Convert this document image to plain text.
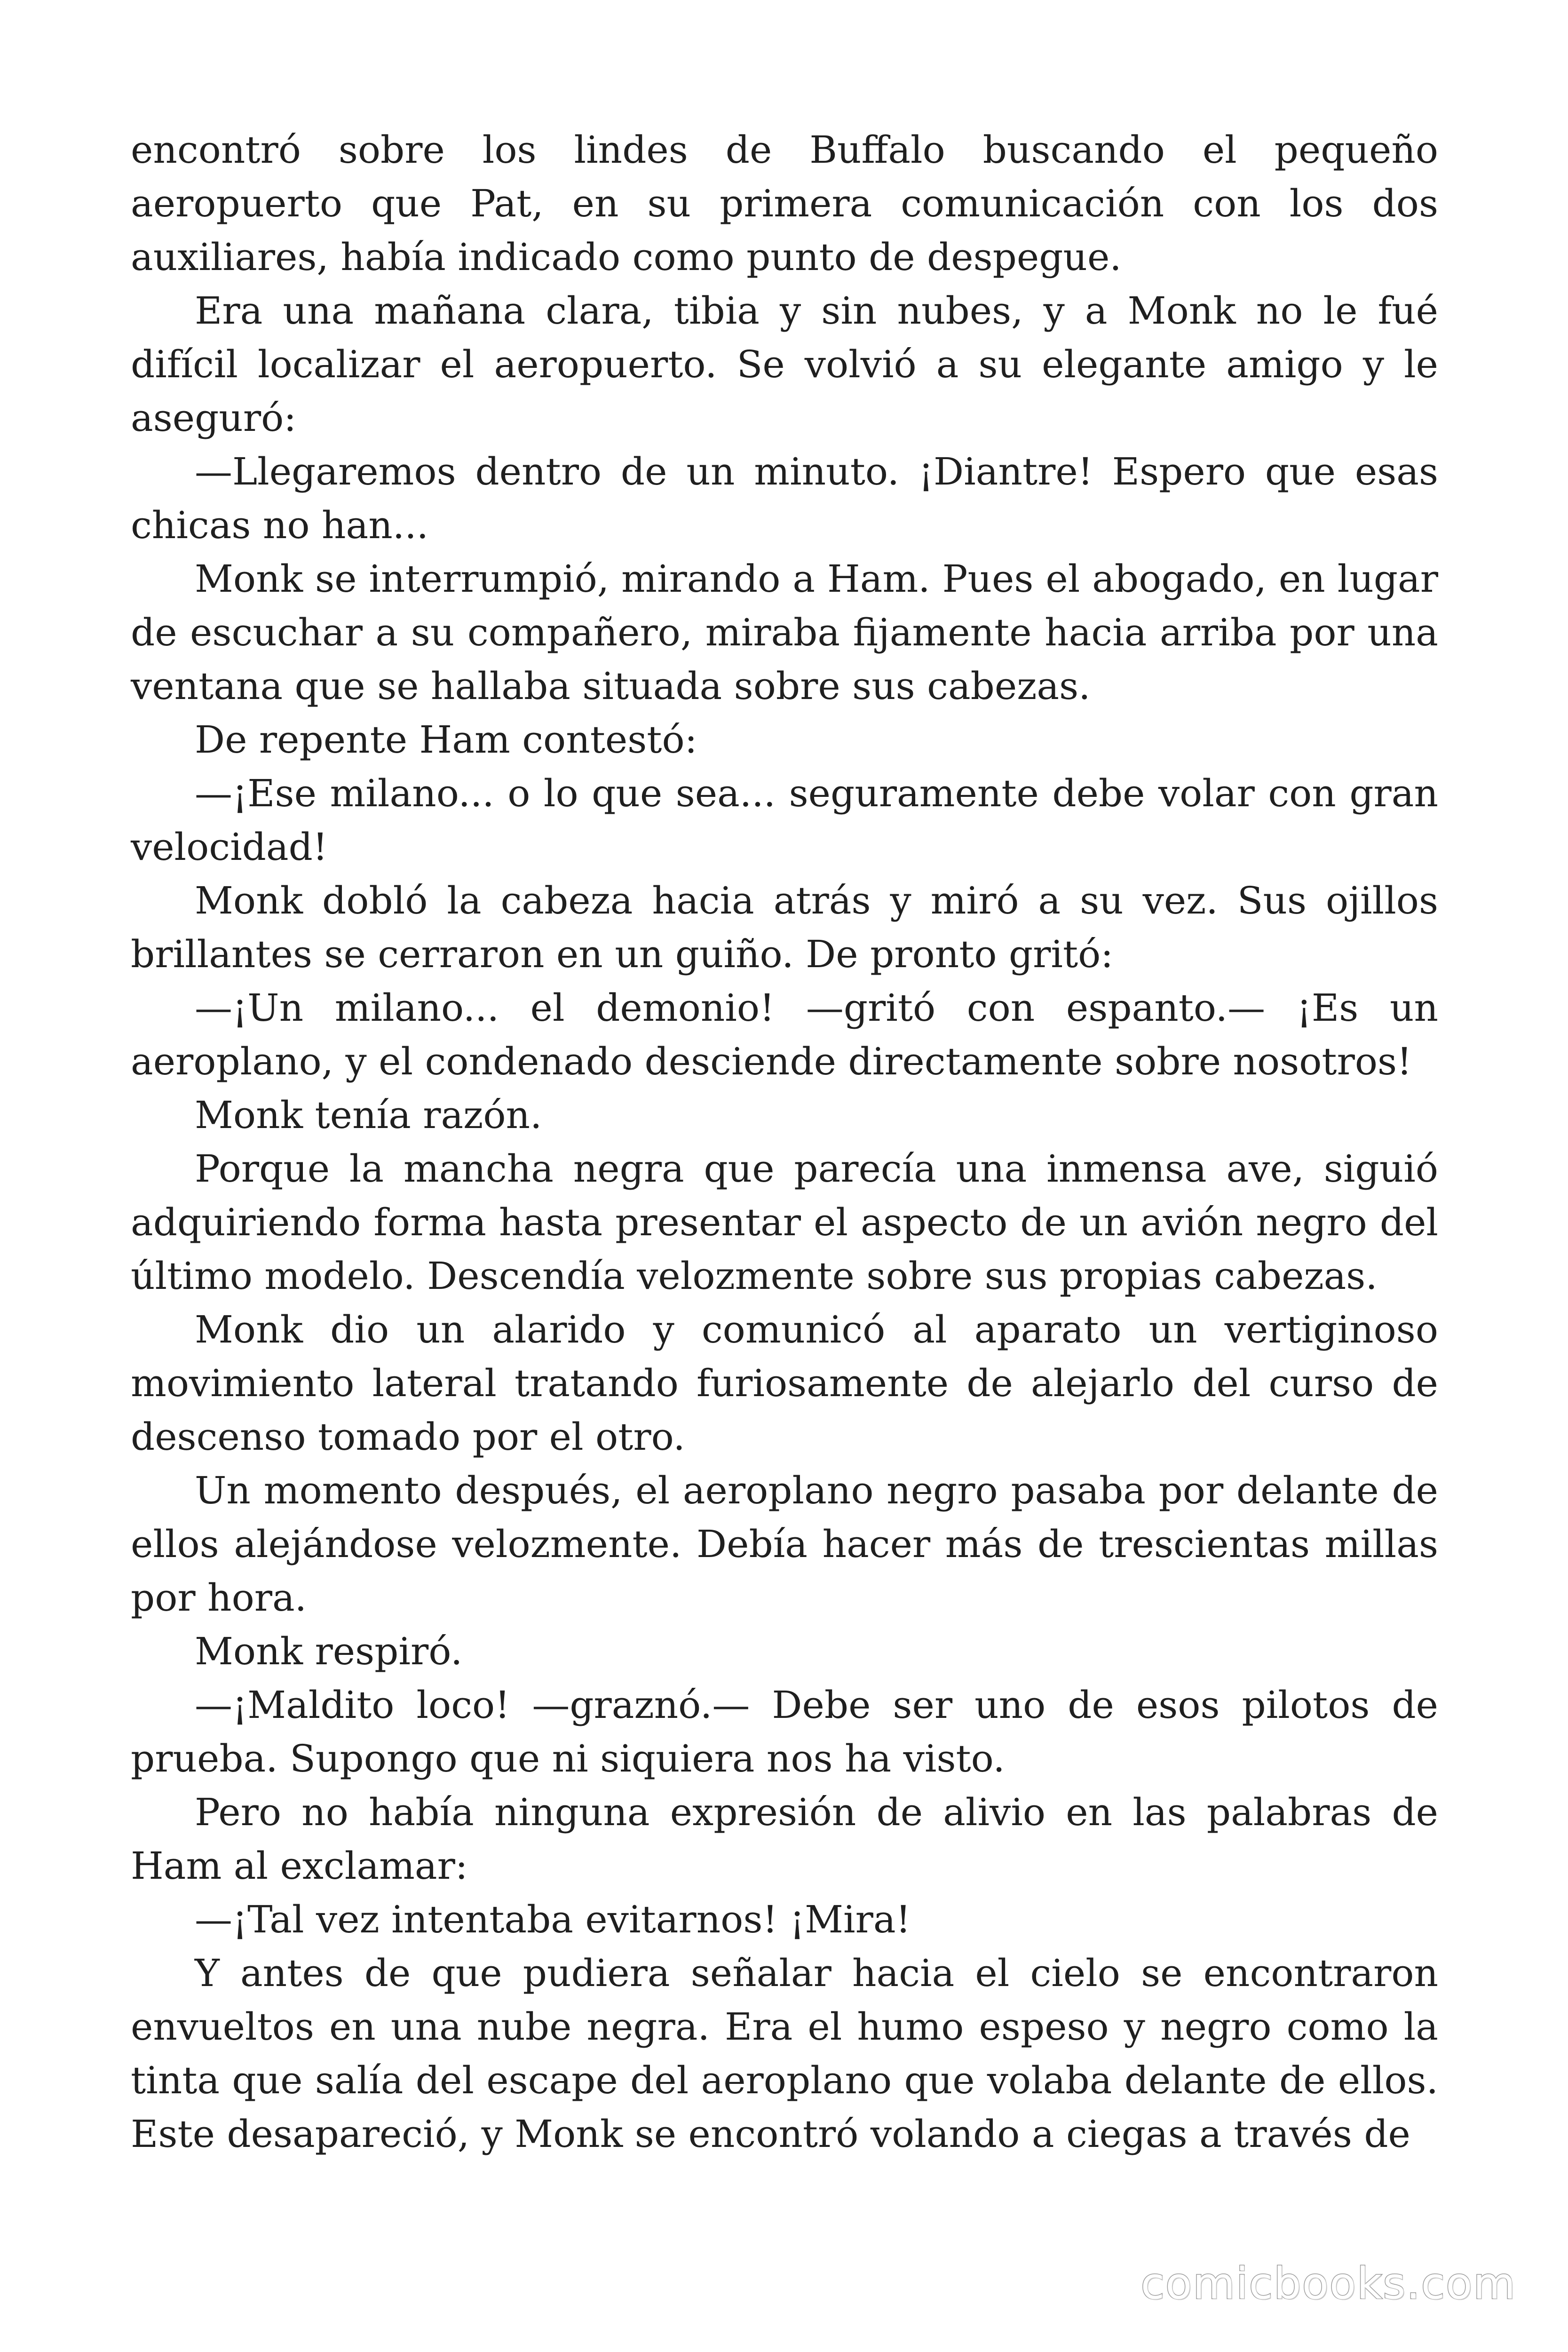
encontró sobre los lindes de Buffalo buscando el pequeño aeropuerto que Pat, en su primera comunicación con los dos auxiliares, había indicado como punto de despegue.

Era una mañana clara, tibia y sin nubes, y a Monk no le fué difícil localizar el aeropuerto. Se volvió a su elegante amigo y le aseguró:

—Llegaremos dentro de un minuto. ¡Diantre! Espero que esas chicas no han...

Monk se interrumpió, mirando a Ham. Pues el abogado, en lugar de escuchar a su compañero, miraba fijamente hacia arriba por una ventana que se hallaba situada sobre sus cabezas.

De repente Ham contestó:

—¡Ese milano... o lo que sea... seguramente debe volar con gran velocidad!

Monk dobló la cabeza hacia atrás y miró a su vez. Sus ojillos brillantes se cerraron en un guiño. De pronto gritó:

—¡Un milano... el demonio! —gritó con espanto.— ¡Es un aeroplano, y el condenado desciende directamente sobre nosotros!

Monk tenía razón.

Porque la mancha negra que parecía una inmensa ave, siguió adquiriendo forma hasta presentar el aspecto de un avión negro del último modelo. Descendía velozmente sobre sus propias cabezas.

Monk dio un alarido y comunicó al aparato un vertiginoso movimiento lateral tratando furiosamente de alejarlo del curso de descenso tomado por el otro.

Un momento después, el aeroplano negro pasaba por delante de ellos alejándose velozmente. Debía hacer más de trescientas millas por hora.

Monk respiró.

—¡Maldito loco! —graznó.— Debe ser uno de esos pilotos de prueba. Supongo que ni siquiera nos ha visto.

Pero no había ninguna expresión de alivio en las palabras de Ham al exclamar:

—¡Tal vez intentaba evitarnos! ¡Mira!

Y antes de que pudiera señalar hacia el cielo se encontraron envueltos en una nube negra. Era el humo espeso y negro como la tinta que salía del escape del aeroplano que volaba delante de ellos. Este desapareció, y Monk se encontró volando a ciegas a través de

comicbooks.com
